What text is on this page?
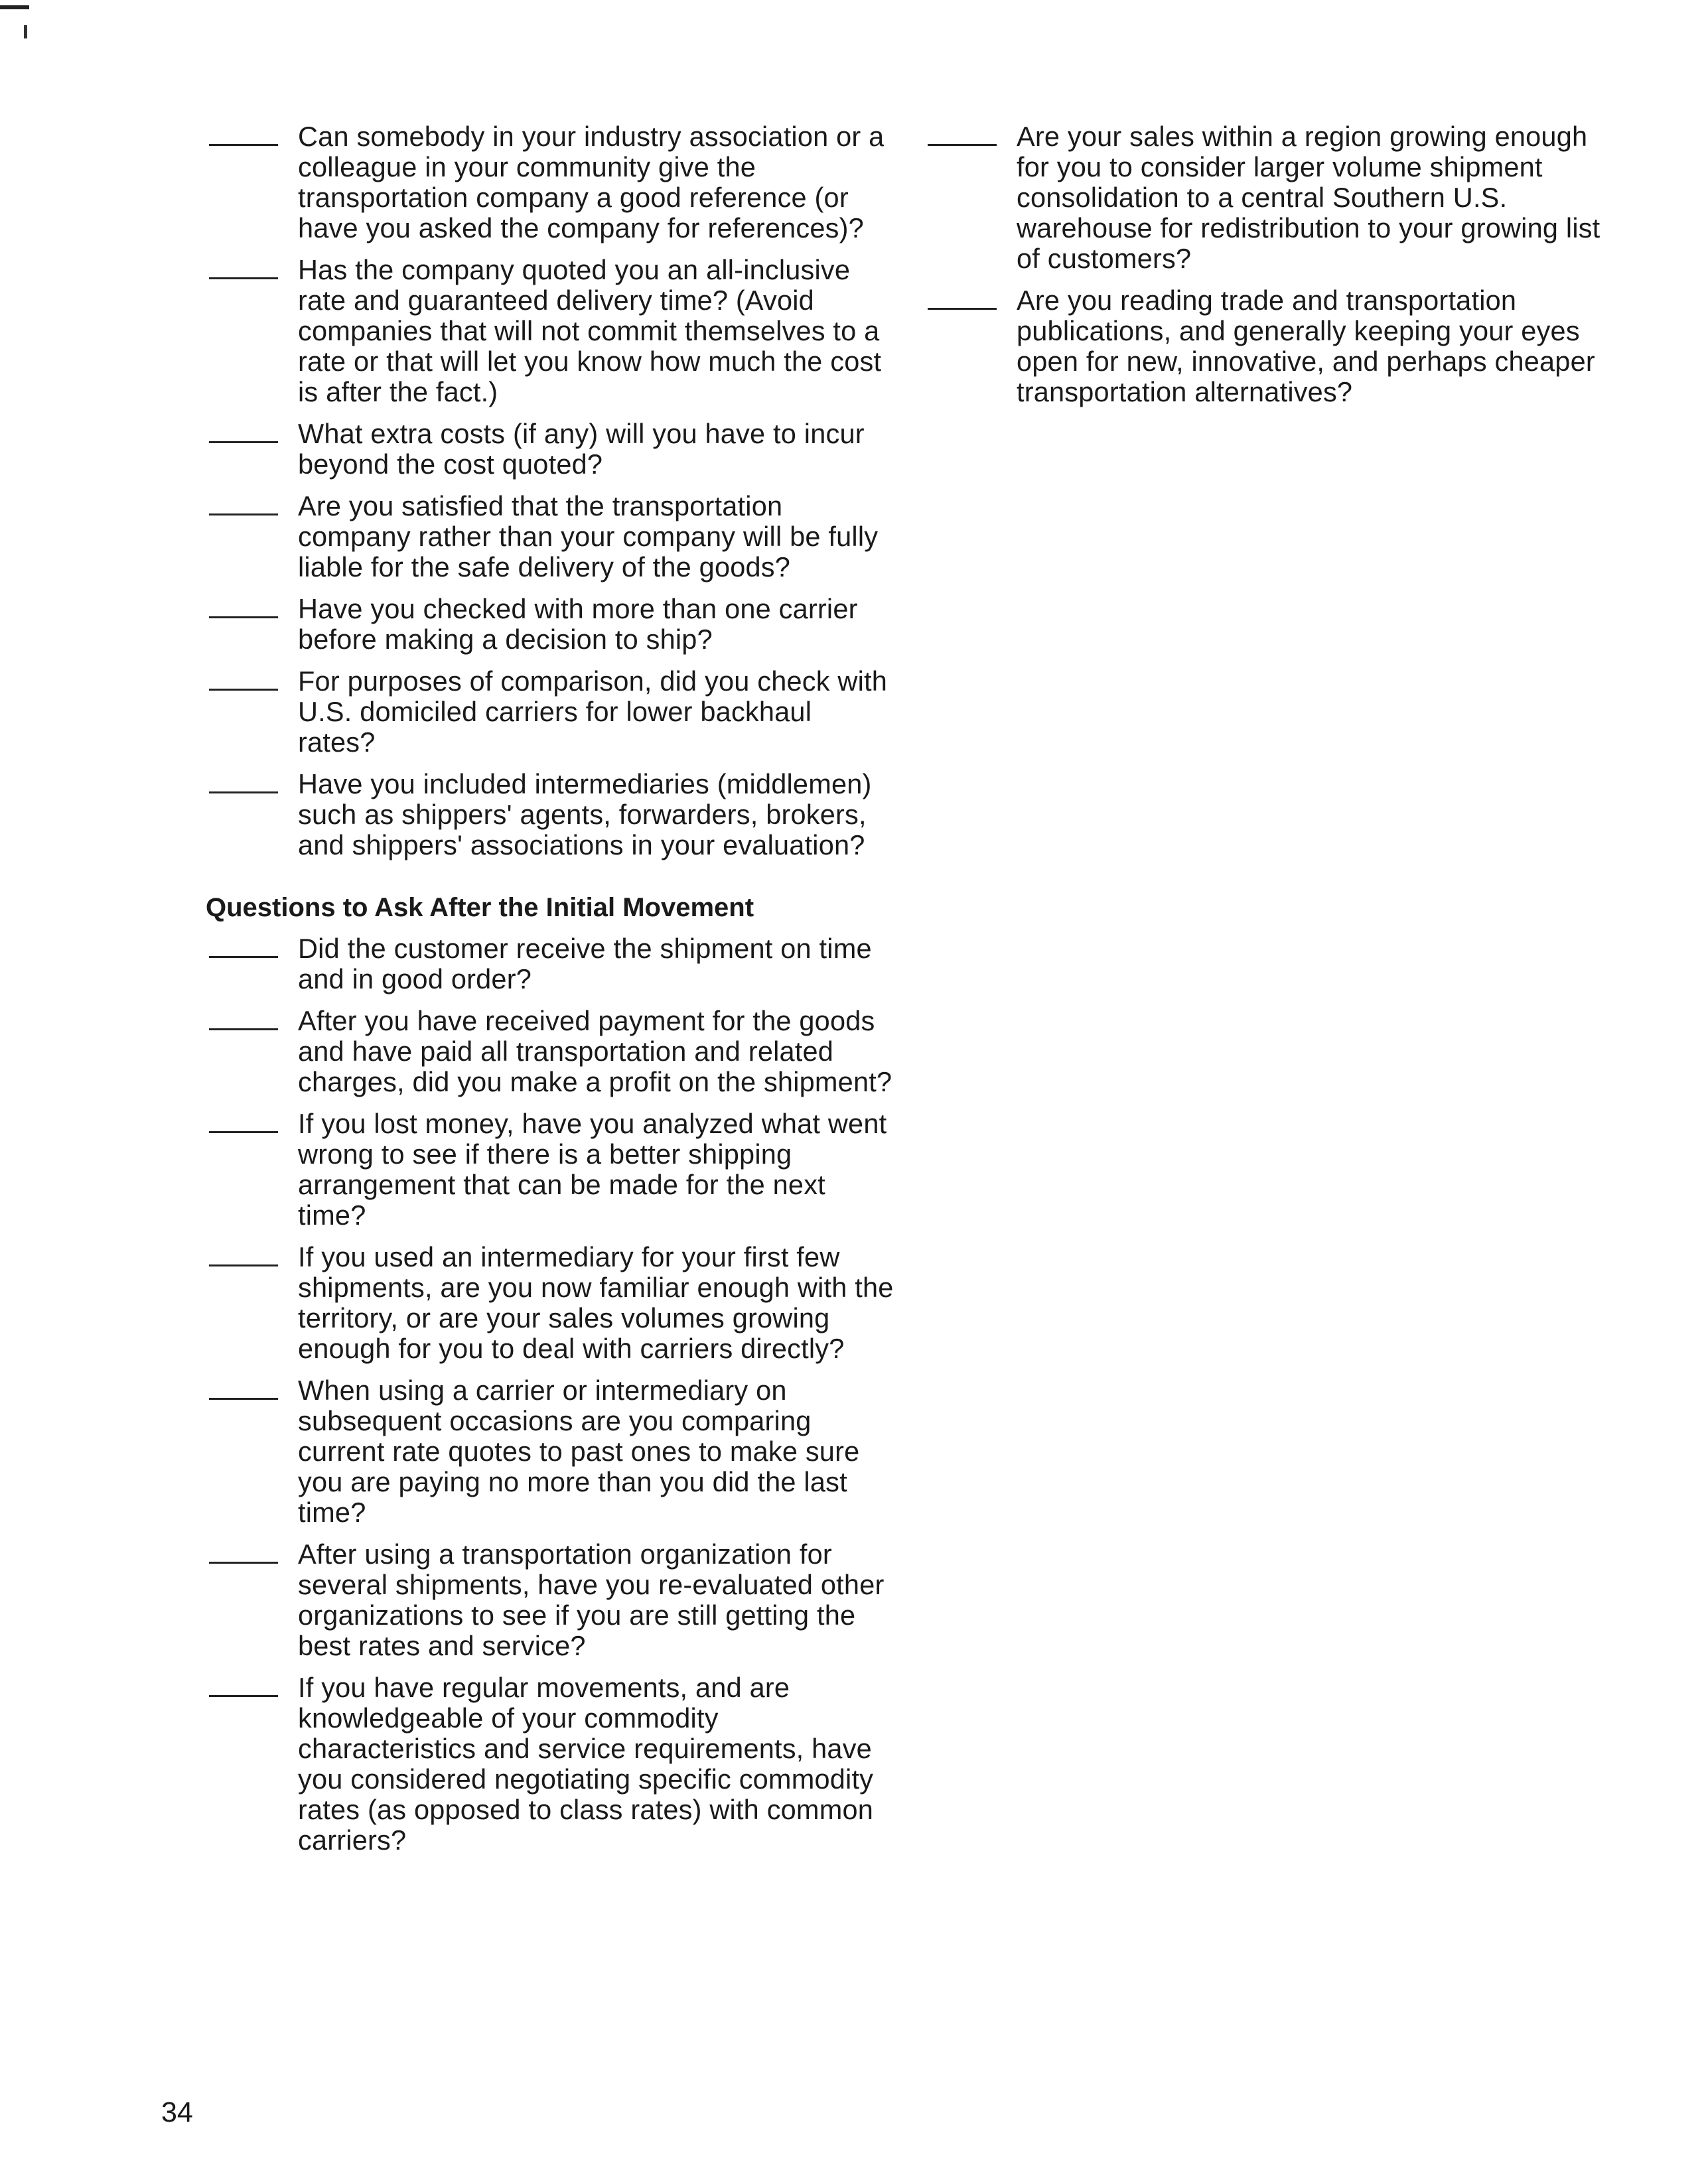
Can somebody in your industry association or a colleague in your community give the transportation company a good reference (or have you asked the company for references)?
Has the company quoted you an all-inclusive rate and guaranteed delivery time? (Avoid companies that will not commit themselves to a rate or that will let you know how much the cost is after the fact.)
What extra costs (if any) will you have to incur beyond the cost quoted?
Are you satisfied that the transportation company rather than your company will be fully liable for the safe delivery of the goods?
Have you checked with more than one carrier before making a decision to ship?
For purposes of comparison, did you check with U.S. domiciled carriers for lower backhaul rates?
Have you included intermediaries (middlemen) such as shippers' agents, forwarders, brokers, and shippers' associations in your evaluation?
Questions to Ask After the Initial Movement
Did the customer receive the shipment on time and in good order?
After you have received payment for the goods and have paid all transportation and related charges, did you make a profit on the shipment?
If you lost money, have you analyzed what went wrong to see if there is a better shipping arrangement that can be made for the next time?
If you used an intermediary for your first few shipments, are you now familiar enough with the territory, or are your sales volumes growing enough for you to deal with carriers directly?
When using a carrier or intermediary on subsequent occasions are you comparing current rate quotes to past ones to make sure you are paying no more than you did the last time?
After using a transportation organization for several shipments, have you re-evaluated other organizations to see if you are still getting the best rates and service?
If you have regular movements, and are knowledgeable of your commodity characteristics and service requirements, have you considered negotiating specific commodity rates (as opposed to class rates) with common carriers?
Are your sales within a region growing enough for you to consider larger volume shipment consolidation to a central Southern U.S. warehouse for redistribution to your growing list of customers?
Are you reading trade and transportation publications, and generally keeping your eyes open for new, innovative, and perhaps cheaper transportation alternatives?
34
